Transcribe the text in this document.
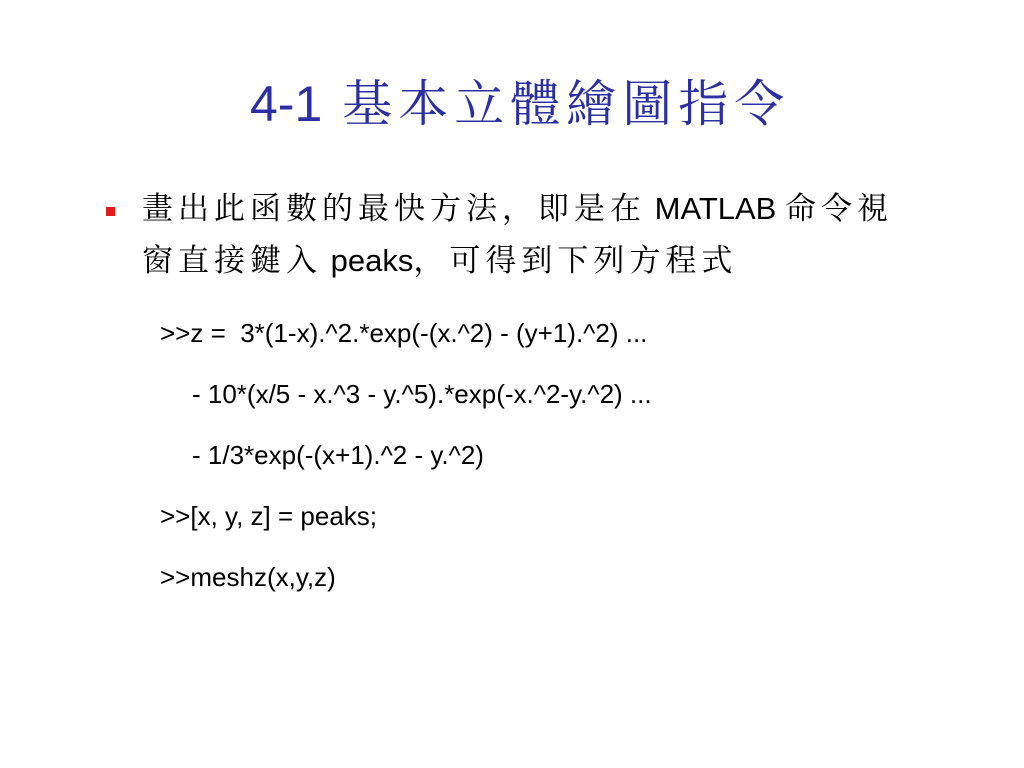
4-1 基本立體繪圖指令
畫出此函數的最快方法，即是在 MATLAB 命令視
窗直接鍵入 peaks，可得到下列方程式
>>z =  3*(1-x).^2.*exp(-(x.^2) - (y+1).^2) ...
- 10*(x/5 - x.^3 - y.^5).*exp(-x.^2-y.^2) ...
- 1/3*exp(-(x+1).^2 - y.^2)
>>[x, y, z] = peaks;
>>meshz(x,y,z)
